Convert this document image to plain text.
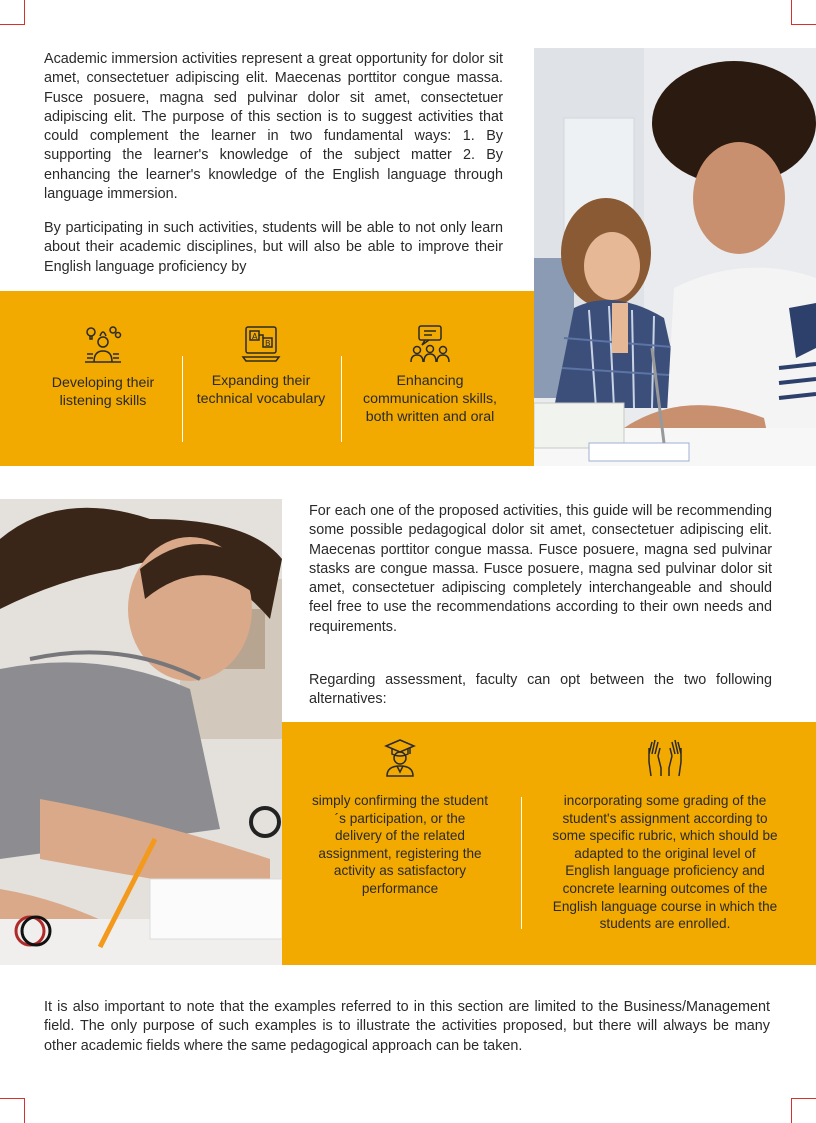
Academic immersion activities represent a great opportunity for dolor sit amet, consectetuer adipiscing elit. Maecenas porttitor congue massa. Fusce posuere, magna sed pulvinar dolor sit amet, consectetuer adipiscing elit. The purpose of this section is to suggest activities that could complement the learner in two fundamental ways: 1. By supporting the learner's knowledge of the subject matter 2. By enhancing the learner's knowledge of the English language through language immersion.

By participating in such activities, students will be able to not only learn about their academic disciplines, but will also be able to improve their English language proficiency by

Developing their listening skills
A
B
Expanding their technical vocabulary
Enhancing communication skills, both written and oral

For each one of the proposed activities, this guide will be recommending some possible pedagogical dolor sit amet, consectetuer adipiscing elit. Maecenas porttitor congue massa. Fusce posuere, magna sed pulvinar stasks are congue massa. Fusce posuere, magna sed pulvinar dolor sit amet, consectetuer adipiscing completely interchangeable and should feel free to use the recommendations according to their own needs and requirements.

Regarding assessment, faculty can opt between the two following alternatives:

simply confirming the student´s participation, or the delivery of the related assignment, registering the activity as satisfactory performance
incorporating some grading of the student's assignment according to some specific rubric, which should be adapted to the original level of English language proficiency and concrete learning outcomes of the English language course in which the students are enrolled.

It is also important to note that the examples referred to in this section are limited to the Business/Management field. The only purpose of such examples is to illustrate the activities proposed, but there will always be many other academic fields where the same pedagogical approach can be taken.
